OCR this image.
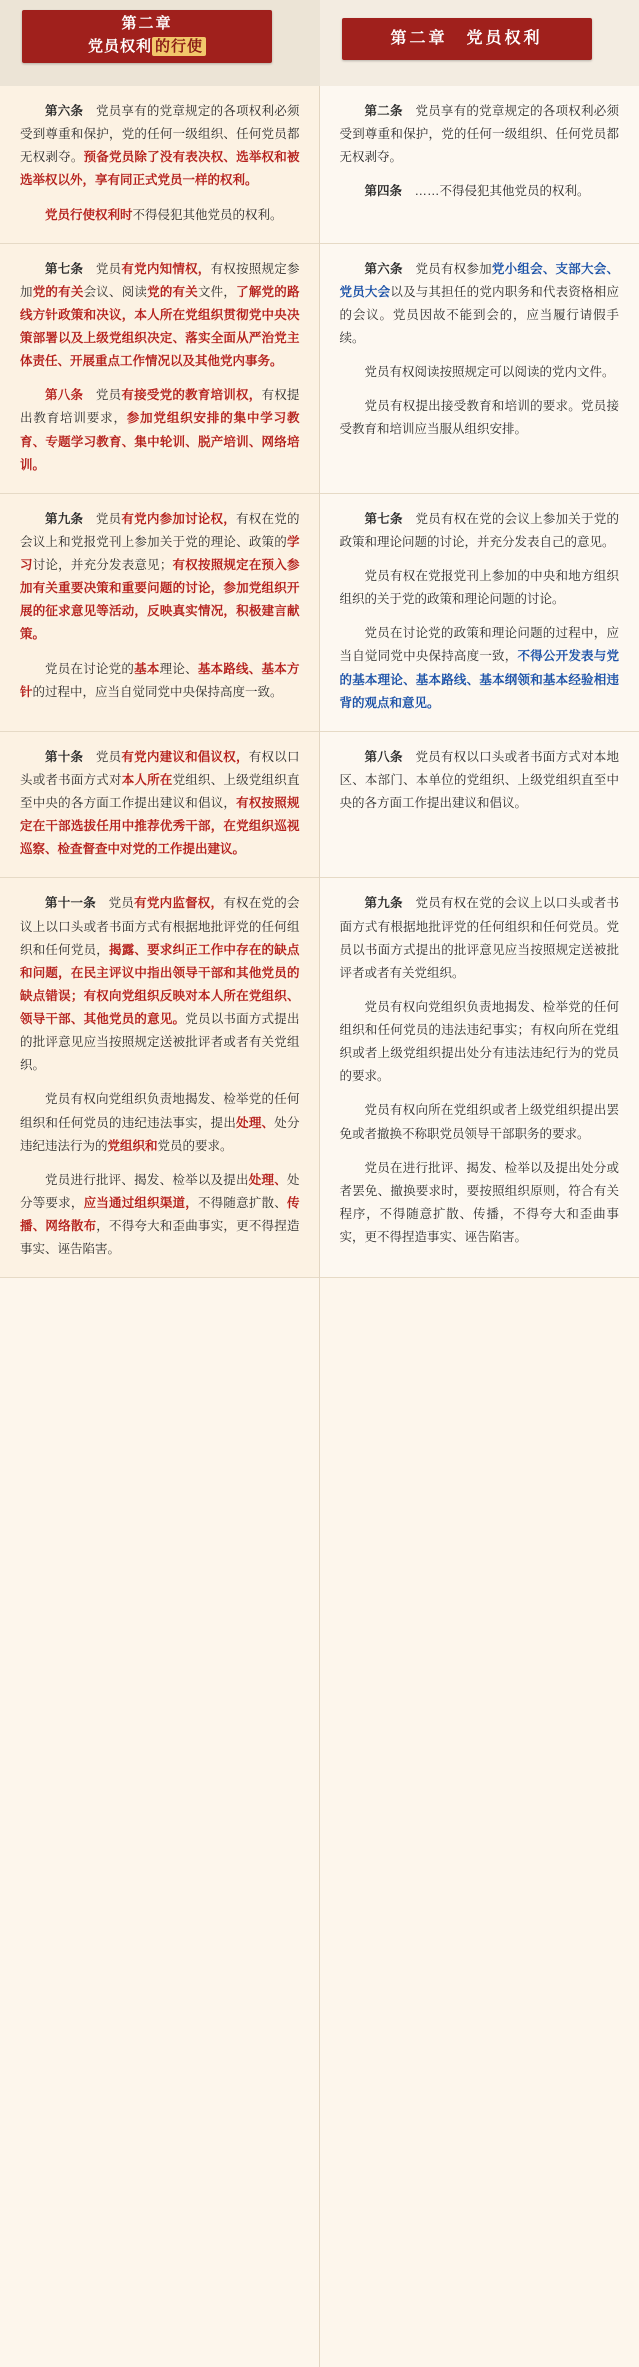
第二章
党员权利 的行使	第二章　党员权利

第六条　党员享有的党章规定的各项权利必须受到尊重和保护，党的任何一级组织、任何党员都无权剥夺。预备党员除了没有表决权、选举权和被选举权以外，享有同正式党员一样的权利。

党员行使权利时不得侵犯其他党员的权利。

第二条　党员享有的党章规定的各项权利必须受到尊重和保护，党的任何一级组织、任何党员都无权剥夺。

第四条　……不得侵犯其他党员的权利。

第七条　党员有党内知情权，有权按照规定参加党的有关会议、阅读党的有关文件，了解党的路线方针政策和决议，本人所在党组织贯彻党中央决策部署以及上级党组织决定、落实全面从严治党主体责任、开展重点工作情况以及其他党内事务。

第八条　党员有接受党的教育培训权，有权提出教育培训要求，参加党组织安排的集中学习教育、专题学习教育、集中轮训、脱产培训、网络培训。

第六条　党员有权参加党小组会、支部大会、党员大会以及与其担任的党内职务和代表资格相应的会议。党员因故不能到会的，应当履行请假手续。

党员有权阅读按照规定可以阅读的党内文件。

党员有权提出接受教育和培训的要求。党员接受教育和培训应当服从组织安排。

第九条　党员有党内参加讨论权，有权在党的会议上和党报党刊上参加关于党的理论、政策的学习讨论，并充分发表意见；有权按照规定在预入参加有关重要决策和重要问题的讨论，参加党组织开展的征求意见等活动，反映真实情况，积极建言献策。

党员在讨论党的基本理论、基本路线、基本方针的过程中，应当自觉同党中央保持高度一致。

第七条　党员有权在党的会议上参加关于党的政策和理论问题的讨论，并充分发表自己的意见。

党员有权在党报党刊上参加的中央和地方组织组织的关于党的政策和理论问题的讨论。

党员在讨论党的政策和理论问题的过程中，应当自觉同党中央保持高度一致，不得公开发表与党的基本理论、基本路线、基本纲领和基本经验相违背的观点和意见。

第十条　党员有党内建议和倡议权，有权以口头或者书面方式对本人所在党组织、上级党组织直至中央的各方面工作提出建议和倡议，有权按照规定在干部选拔任用中推荐优秀干部，在党组织巡视巡察、检查督查中对党的工作提出建议。

第八条　党员有权以口头或者书面方式对本地区、本部门、本单位的党组织、上级党组织直至中央的各方面工作提出建议和倡议。

第十一条　党员有党内监督权，有权在党的会议上以口头或者书面方式有根据地批评党的任何组织和任何党员，揭露、要求纠正工作中存在的缺点和问题，在民主评议中指出领导干部和其他党员的缺点错误；有权向党组织反映对本人所在党组织、领导干部、其他党员的意见。党员以书面方式提出的批评意见应当按照规定送被批评者或者有关党组织。

党员有权向党组织负责地揭发、检举党的任何组织和任何党员的违纪违法事实，提出处理、处分违纪违法行为的党组织和党员的要求。

党员进行批评、揭发、检举以及提出处理、处分等要求，应当通过组织渠道，不得随意扩散、传播、网络散布，不得夸大和歪曲事实，更不得捏造事实、诬告陷害。

第九条　党员有权在党的会议上以口头或者书面方式有根据地批评党的任何组织和任何党员。党员以书面方式提出的批评意见应当按照规定送被批评者或者有关党组织。

党员有权向党组织负责地揭发、检举党的任何组织和任何党员的违法违纪事实；有权向所在党组织或者上级党组织提出处分有违法违纪行为的党员的要求。

党员有权向所在党组织或者上级党组织提出罢免或者撤换不称职党员领导干部职务的要求。

党员在进行批评、揭发、检举以及提出处分或者罢免、撤换要求时，要按照组织原则，符合有关程序，不得随意扩散、传播，不得夸大和歪曲事实，更不得捏造事实、诬告陷害。
